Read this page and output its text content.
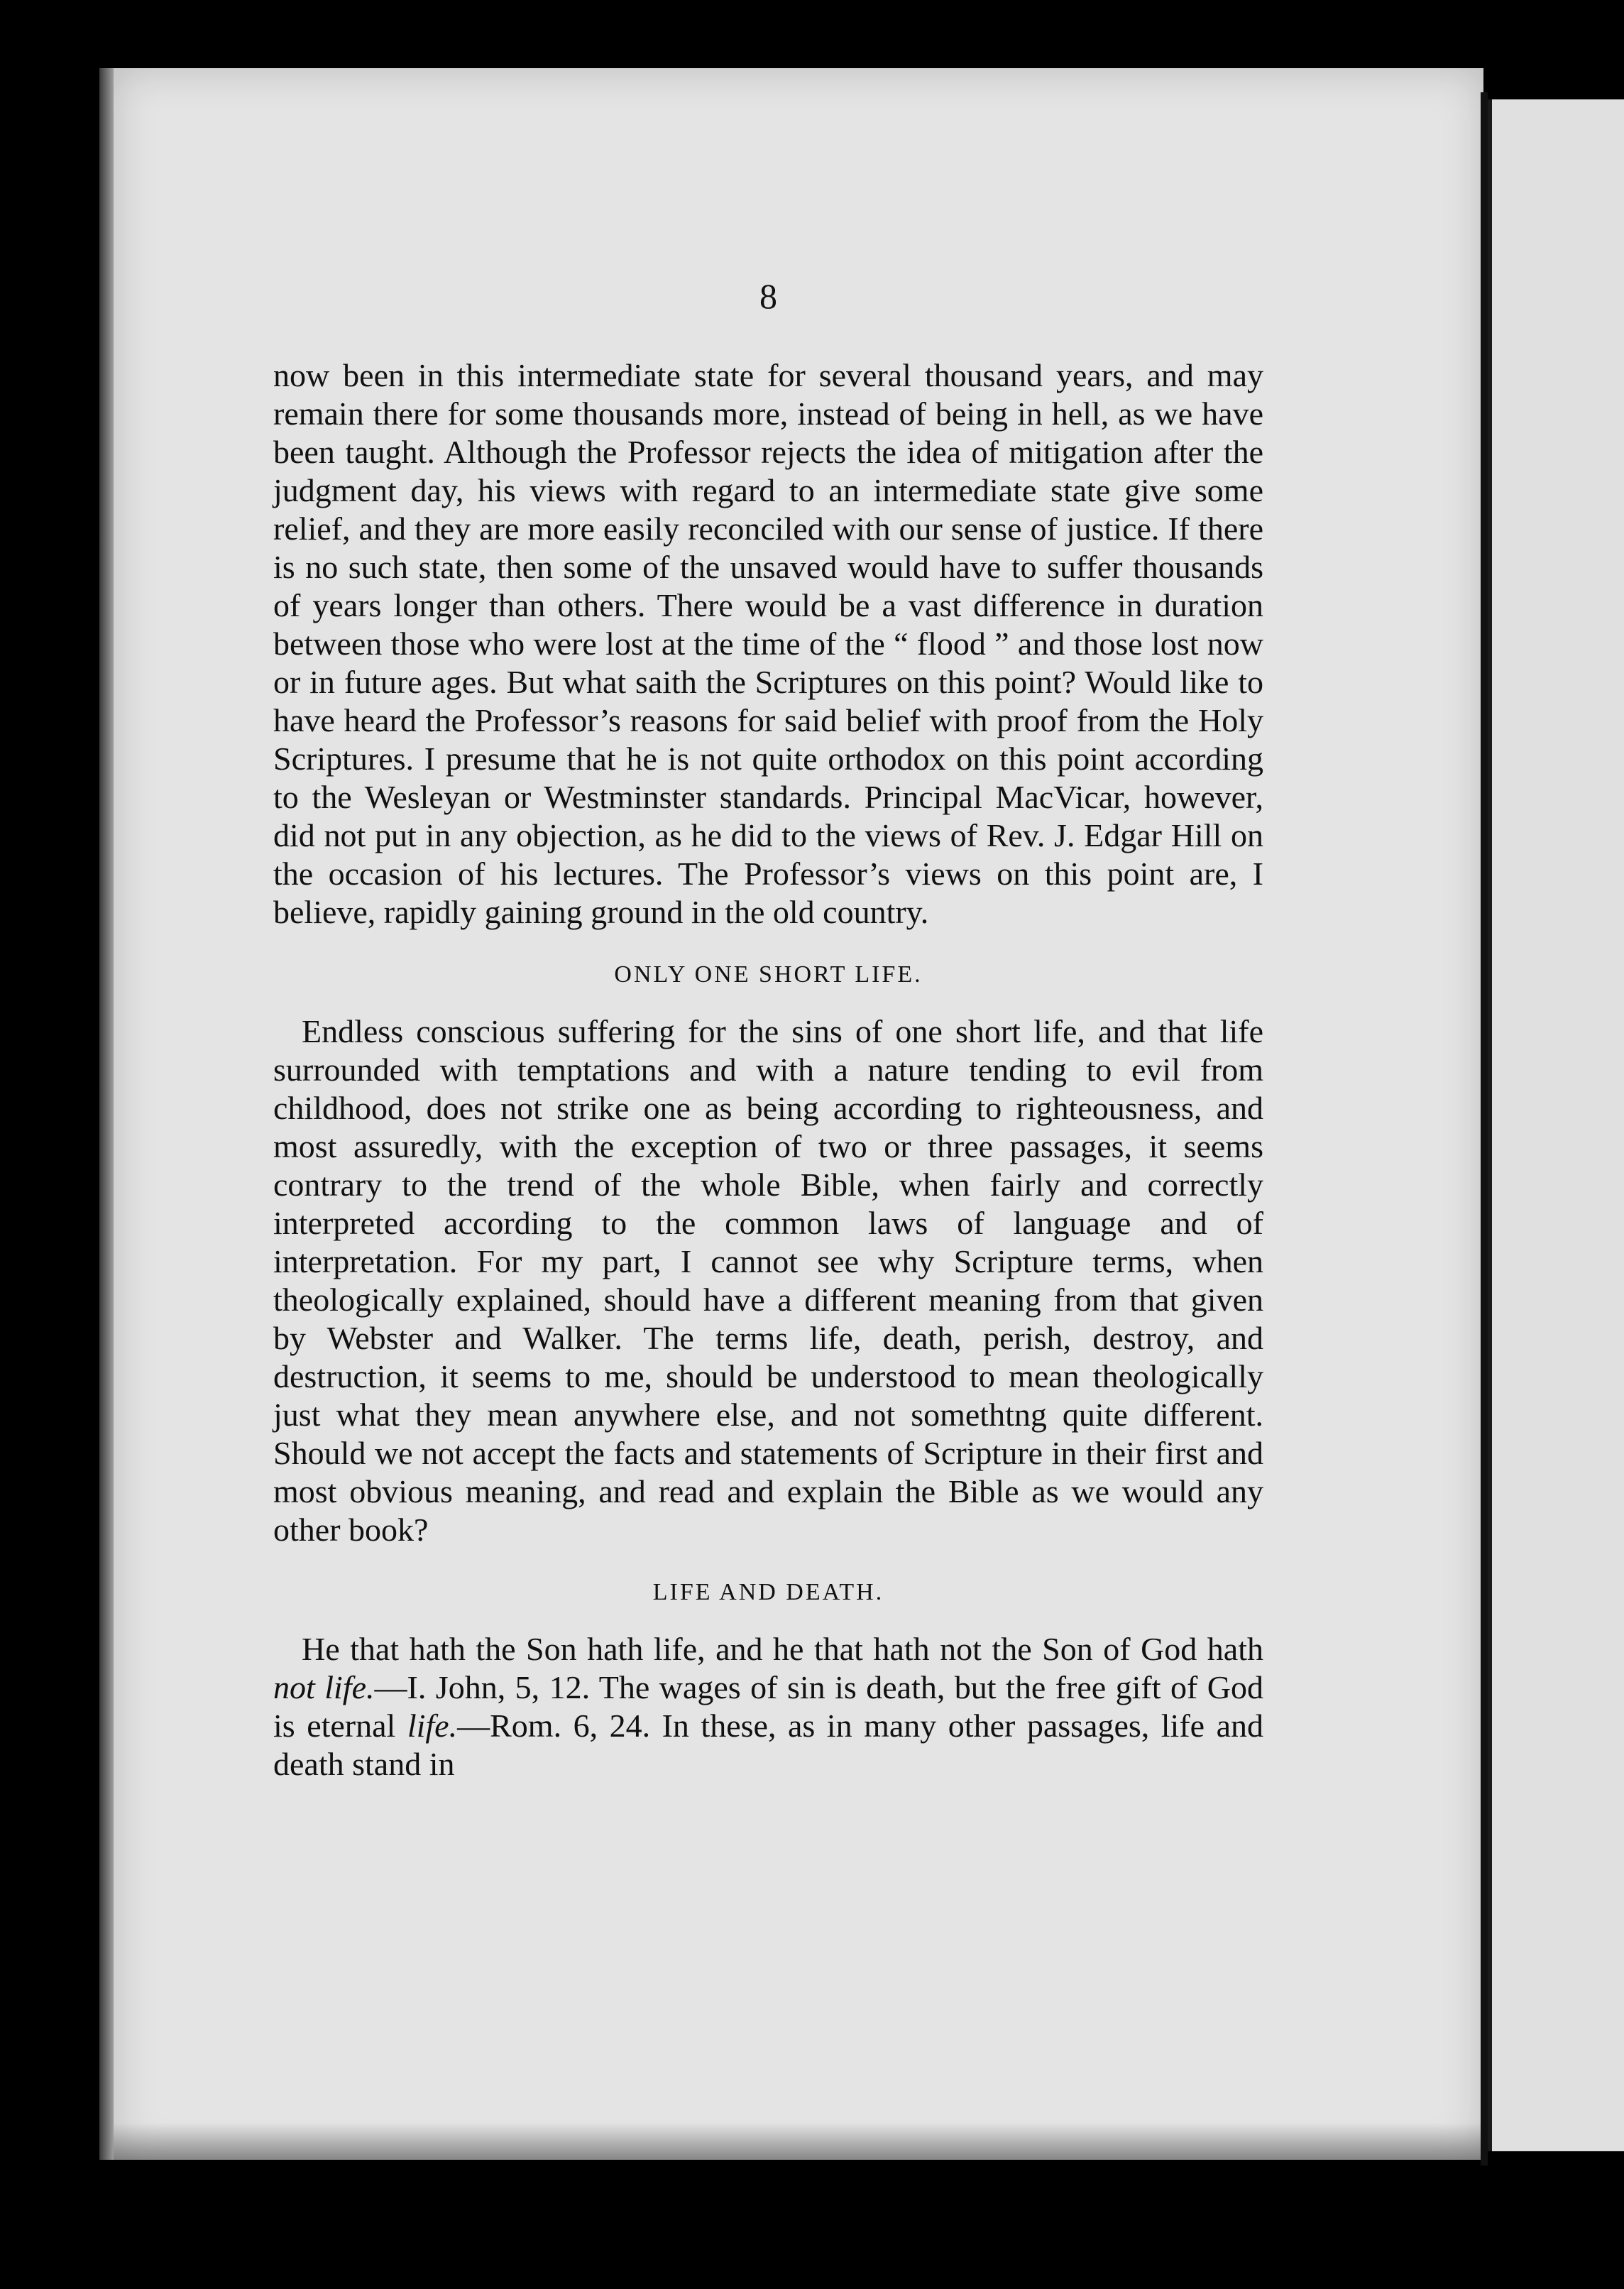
8

now been in this intermediate state for several thousand years, and may remain there for some thousands more, instead of being in hell, as we have been taught. Although the Professor rejects the idea of mitigation after the judgment day, his views with regard to an intermediate state give some relief, and they are more easily reconciled with our sense of justice. If there is no such state, then some of the unsaved would have to suffer thousands of years longer than others. There would be a vast difference in duration between those who were lost at the time of the “ flood ” and those lost now or in future ages. But what saith the Scriptures on this point? Would like to have heard the Professor’s reasons for said belief with proof from the Holy Scriptures. I presume that he is not quite orthodox on this point according to the Wesleyan or Westminster standards. Principal MacVicar, however, did not put in any objection, as he did to the views of Rev. J. Edgar Hill on the occasion of his lectures. The Professor’s views on this point are, I believe, rapidly gaining ground in the old country.

ONLY ONE SHORT LIFE.

Endless conscious suffering for the sins of one short life, and that life surrounded with temptations and with a nature tending to evil from childhood, does not strike one as being according to righteousness, and most assuredly, with the exception of two or three passages, it seems contrary to the trend of the whole Bible, when fairly and correctly interpreted according to the common laws of language and of interpretation. For my part, I cannot see why Scripture terms, when theologically explained, should have a different meaning from that given by Webster and Walker. The terms life, death, perish, destroy, and destruction, it seems to me, should be understood to mean theologically just what they mean anywhere else, and not somethtng quite different. Should we not accept the facts and statements of Scripture in their first and most obvious meaning, and read and explain the Bible as we would any other book?

LIFE AND DEATH.

He that hath the Son hath life, and he that hath not the Son of God hath not life.—I. John, 5, 12. The wages of sin is death, but the free gift of God is eternal life.—Rom. 6, 24. In these, as in many other passages, life and death stand in
